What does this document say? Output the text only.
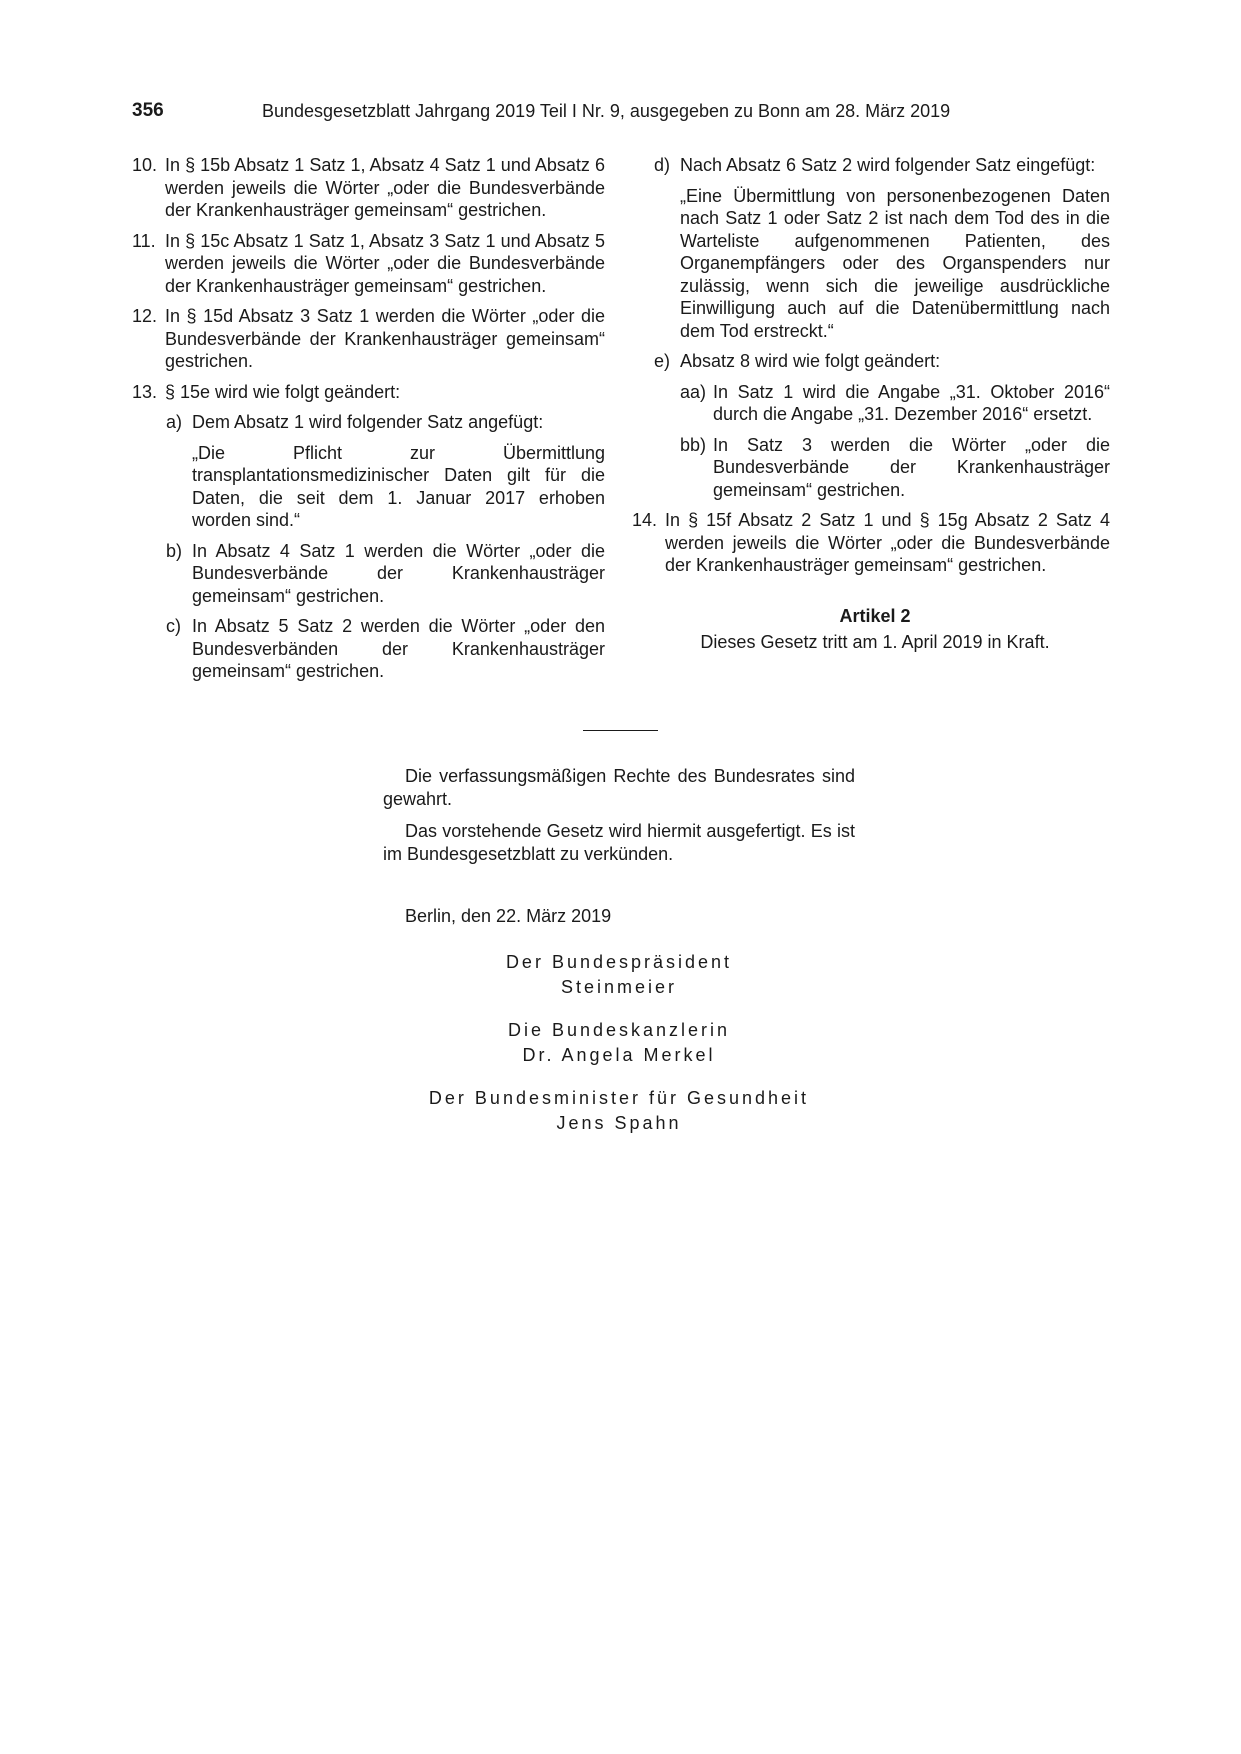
356	Bundesgesetzblatt Jahrgang 2019 Teil I Nr. 9, ausgegeben zu Bonn am 28. März 2019
10. In § 15b Absatz 1 Satz 1, Absatz 4 Satz 1 und Absatz 6 werden jeweils die Wörter „oder die Bundesverbände der Krankenhausträger gemeinsam“ gestrichen.
11. In § 15c Absatz 1 Satz 1, Absatz 3 Satz 1 und Absatz 5 werden jeweils die Wörter „oder die Bundesverbände der Krankenhausträger gemeinsam“ gestrichen.
12. In § 15d Absatz 3 Satz 1 werden die Wörter „oder die Bundesverbände der Krankenhausträger gemeinsam“ gestrichen.
13. § 15e wird wie folgt geändert:
a) Dem Absatz 1 wird folgender Satz angefügt:
„Die Pflicht zur Übermittlung transplantationsmedizinischer Daten gilt für die Daten, die seit dem 1. Januar 2017 erhoben worden sind.“
b) In Absatz 4 Satz 1 werden die Wörter „oder die Bundesverbände der Krankenhausträger gemeinsam“ gestrichen.
c) In Absatz 5 Satz 2 werden die Wörter „oder den Bundesverbänden der Krankenhausträger gemeinsam“ gestrichen.
d) Nach Absatz 6 Satz 2 wird folgender Satz eingefügt:
„Eine Übermittlung von personenbezogenen Daten nach Satz 1 oder Satz 2 ist nach dem Tod des in die Warteliste aufgenommenen Patienten, des Organempfängers oder des Organspenders nur zulässig, wenn sich die jeweilige ausdrückliche Einwilligung auch auf die Datenübermittlung nach dem Tod erstreckt.“
e) Absatz 8 wird wie folgt geändert:
aa) In Satz 1 wird die Angabe „31. Oktober 2016“ durch die Angabe „31. Dezember 2016“ ersetzt.
bb) In Satz 3 werden die Wörter „oder die Bundesverbände der Krankenhausträger gemeinsam“ gestrichen.
14. In § 15f Absatz 2 Satz 1 und § 15g Absatz 2 Satz 4 werden jeweils die Wörter „oder die Bundesverbände der Krankenhausträger gemeinsam“ gestrichen.
Artikel 2
Dieses Gesetz tritt am 1. April 2019 in Kraft.

Die verfassungsmäßigen Rechte des Bundesrates sind gewahrt.

Das vorstehende Gesetz wird hiermit ausgefertigt. Es ist im Bundesgesetzblatt zu verkünden.

Berlin, den 22. März 2019
Der Bundespräsident
Steinmeier
Die Bundeskanzlerin
Dr. Angela Merkel
Der Bundesminister für Gesundheit
Jens Spahn
